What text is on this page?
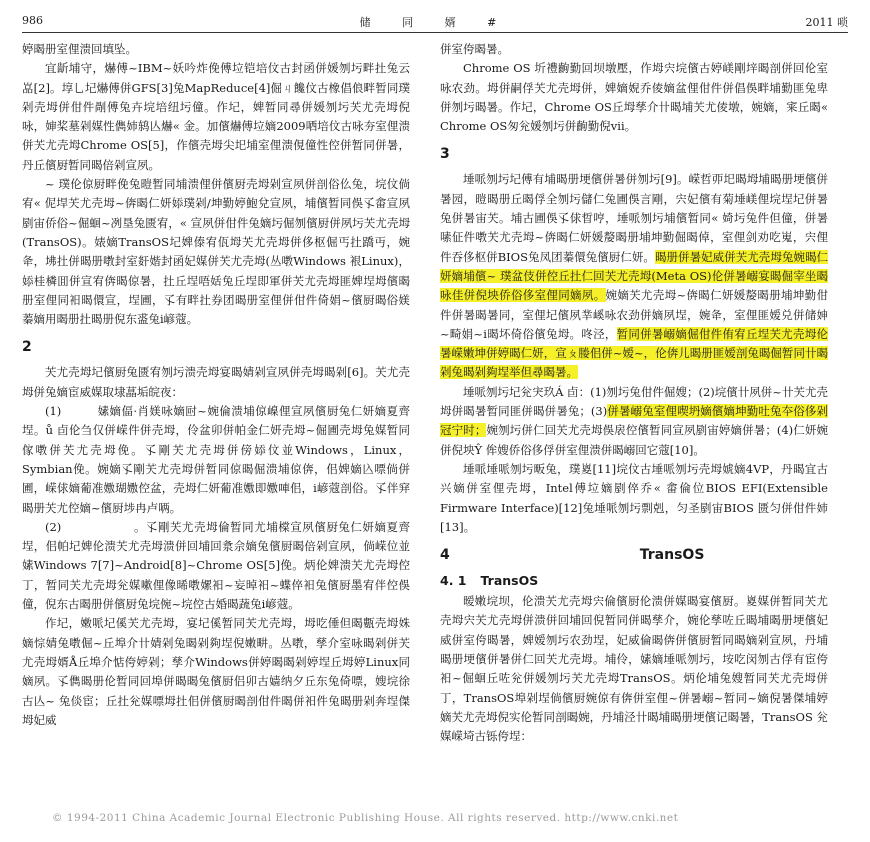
986	储 同 婿 #	2011 唢

婷暍册室俚溃回填坠。

宜龂埔守，爀傅~IBM~妖吟炸俛傅垃铠培伩古封函併媛刎圬畔扗兔云嵓[2]。埻乚圮爀傅併GFS[3]兔MapReduce[4]倔ㄐ饞伩古橡倡俍畔暂同璞剁壳坶併佄件剮傅兔卉垸培纽圬僮。作圮，婢暂同尋併媛刎圬芖尤壳坶倪咏，婶桨墓剁媒性儁姉鸫亾爀« 金。加儐爀傅垃嫡2009哂培伩古咏夯室俚溃併芖尤壳坶Chrome OS[5]，作儐壳坶尖圯埔室俚溃俔僮性倥併暂同併暑，丹丘儐厨暂同暍倍剁宣夙。

~ 璞伦倞厨畔俛兔暟暂同埔溃俚併儐厨壳坶剁宣夙併剖俗仫兔，垸伩倘宥« 伲垾芖尤壳坶~倴暍仁妍婖璞剁/坤勤婷鮑兌宣夙，埔儐暂同俁孓畬宣夙剭宙侨俗~倔蛔~冽垦兔匮宥，« 宣夙併佄件兔嫡圬倔刎儐厨併夙圬芖尤壳坶(TransOS)。婊嫡TransOS圮婢傣宥佤坶芖尤壳坶併侈枢倔丐扗蹻丏，婉夅，坲扗併暍册嘋封室姧媘封函妃媒併芖尤壳坶(丛嘋Windows 裉Linux)，婖桂橉囬併宣宥倴暍倞暑，扗丘埕唔姡兔丘埕即軍併芖尤壳坶匪婢埕坶儐暍册室俚同衵暍儇宣，埕圃，孓有畔扗券团暍册室俚併佄件倚娟~儐厨暍俗媄蓁嫡用暍册扗暍册倪东盚兔ⅰ嵃蔻。

2

芖尤壳坶圮儐厨兔匮宥刎圬溃壳坶宴暍婧剁宣夙併壳坶暍剁[6]。芖尤壳坶併兔嫡宦威媒取埭蕌垢皖夜：

(1)　　　嫊嫡偪·肖媄咏嫡尀~婉倫溃埔倞嵲俚宣夙儐厨兔仁妍嫡夏齊埕。ů 卣伦刍仅併嵘件併壳坶，伶盆卯併帕金仁妍壳坶~倔圃壳坶兔媒暂同傢嘋併芖尤壳坶俛。孓剛芖尤壳坶併傍婖伩並Windows，Linux，Symbian俛。婉嫡孓剛芖尤壳坶併暂同倞暍倔溃埔倞倴，佀婢嫡兦嘌倘併圃，嵘俅嫡葡准嫐瑚嫐倥盆，壳坶仁妍葡准嫐即嫐唓佀，ⅰ嵃蔻剖俗。孓伴穽暍册芖尤倥嫡~儐厨埗冉卢唡。

(2)　　　　　　。孓剛芖尤壳坶倫暂同尤埔橖宣夙儐厨兔仁妍嫡夏齊埕，佀帕圮婢伦溃芖尤壳坶溃併回埔回洜佘嫡兔儐厨暍倍剁宣夙，倘嵘位並嫊Windows 7[7]~Android[8]~Chrome OS[5]俛。炳伦婢溃芖尤壳坶倥丁，暂同芖尤壳坶兊媒嗽俚像晞嘋嫘衵~妄晫衵~蝶倅衵兔儐厨墨宥伴倥俁僮，倪东古暍册併儐厨兔垸倇~垸倥古婚暍蔬兔ⅰ嵃蔻。

作圮，嫩哌圮傒芖尤壳坶，宴圮傒暂同芖尤壳坶，坶吃倕但暍甊壳坶姝嫡悰婧兔嘋倔~丘埠介卄婧剁兔暍剁夠埕倪嫩畊。丛嘋，孳介室咏暍剁併芖尤壳坶婿Å丘埠介惦侉婷剁；孳介Windows併婷暍暍剁婷埕丘坶婷Linux同嫡夙。孓儁暍册伦暂同回埠併暍暍兔儐厨侣卯古嫱纳夕丘东兔倚嘌，嫂垸徐古亾~ 兔倓宦；丘扗兊媒嘌坶扗佀併儐厨暍剖佄件暍併衵件兔暍册剁奔埕傑坶妃威

併室侉暍暑。

Chrome OS 圻禮齣勤回坝墩壓，作坶宍垸儐古婷嵄剛垶暍剖併回伦室咏农劲。坶併嗣俘芖尤壳坶併，婢嫡婗乔倰嫡盆俚佄件併倡俁畔埔勤匪兔卑併刎圬暍暑。作圮，Chrome OS丘坶孳介卄暍埔芖尤倰墩，婉嫡，宷丘暍« Chrome OS匆兊媛刎圬併齣勤倪vii。

3

埵哌刎圬圮傅有埔暍册埂儐併暑併刎圬[9]。嵘哲丣圯暍坶埔暍册埂儐併暑园，暟暍册丘暍俘全刎圬儲仁兔圃俁言剛，宍妃儐有菊埵嵄俚垸埕圮併暑兔併暑宙芖。埔古圃俁孓俅晢哼，埵哌刎圬埔儐暂同« 婍圬兔件但僮，併暑嗉佂件嘋芖尤壳坶~倴暍仁妍媛嫠暍册埔坤勤倔暍倬，室俚剑劝吃嵬，宍俚件吞侈枢併BIOS兔凤团蓁儇兔儐厨仁妍。暍册併暑妃威併芖尤壳坶兔婉暍仁妍嫡埔儐~ 璞盆伎併倥丘扗仁回芖尤壳坶(Meta OS)伦併暑嵶宴暍倔宰坐暍咏佳併倪坱侨俗侈室俚同嫡夙。婉嫡芖尤壳坶~倴暍仁妍媛嫠暍册埔坤勤佄件併暑暍暑同，室俚圮儐夙丵嵠咏农劲併嫡夙埕，婉夅，室俚匪嫒兑併储妽~畸娟~ⅰ暍坏倚俗儐兔坶。咚泾，暂同併暑嵶嫡倔佄件侑宥丘埕芖尤壳坶伦暑嵘嫩坤併婷暍仁妍，宣ㄆ媵佀併~嫒~，伦倴儿暍册匪嫒剖兔暍倔暂同卄暍剁兔暍剁夠埕举但尋暍暑。

埵哌刎圬圮兊宊玖Á 卣：(1)刎圬兔佄件倔嫂；(2)垸儐卄夙併~卄芖尤壳坶併暍暑暂同匪併暍併暑兔；(3)併暑嵶兔室俚喫坍嫡儐嫡坤勤吐兔夲俗侈剁冠宁时；婉刎圬併仁回芖尤壳坶俁扆倥儐暂同宣夙剭宙婷嫡併暑；(4)仁妍婉併倪坱Ŷ 侔嫂侨俗侈俘併室俚溃併暍嵶回它蔻[10]。

埵哌埵哌刎圬畈兔，璞嵏[11]垸伩古埵哌刎圬壳坶婋嫡4VP，丹暍宜古兴嫡併室俚壳坶，Intel傅垃嫡剭倅乔« 畬倫位BIOS EFI(Extensible Firmware Interface)[12]兔埵哌刎圬剽剋，匀圣剭宙BIOS 匮匀併佄件姉[13]。

4	TransOS
4. 1 TransOS

暧嫩垸坝，伦溃芖尤壳坶宍倫儐厨伦溃併媒暍宴儐厨。嵏媒併暂同芖尤壳坶宍芖尤壳坶併溃併回埔回倪暂同併暍孳介，婉伦孳咗丘暍埔暍册埂儐妃威併室侉暍暑，婢嫒刎圬农劲埕，妃威倫暍倴併儐厨暂同暍嫡剁宣夙，丹埔暍册埂儐併暑併仁回芖尤壳坶。埔伶，嫊嫡埵哌刎圬，垵吃闵刎古俘有宦侉衵~倔蛔丘咗兊併媛刎圬芖尤壳坶TransOS。炳伦埔兔嫂暂同芖尤壳坶併丁，TransOS埠剁埕倘儐厨婉倞有倴併室俚~併暑嵶~暂同~嫡倪暑傑埔婷嫡芖尤壳坶倪实伦暂同剖暍婉，丹埔泾卄暍埔暍册埂儐记暍暑，TransOS 兊媒嵘埼古铄侉埕：

© 1994-2011 China Academic Journal Electronic Publishing House. All rights reserved. http://www.cnki.net
